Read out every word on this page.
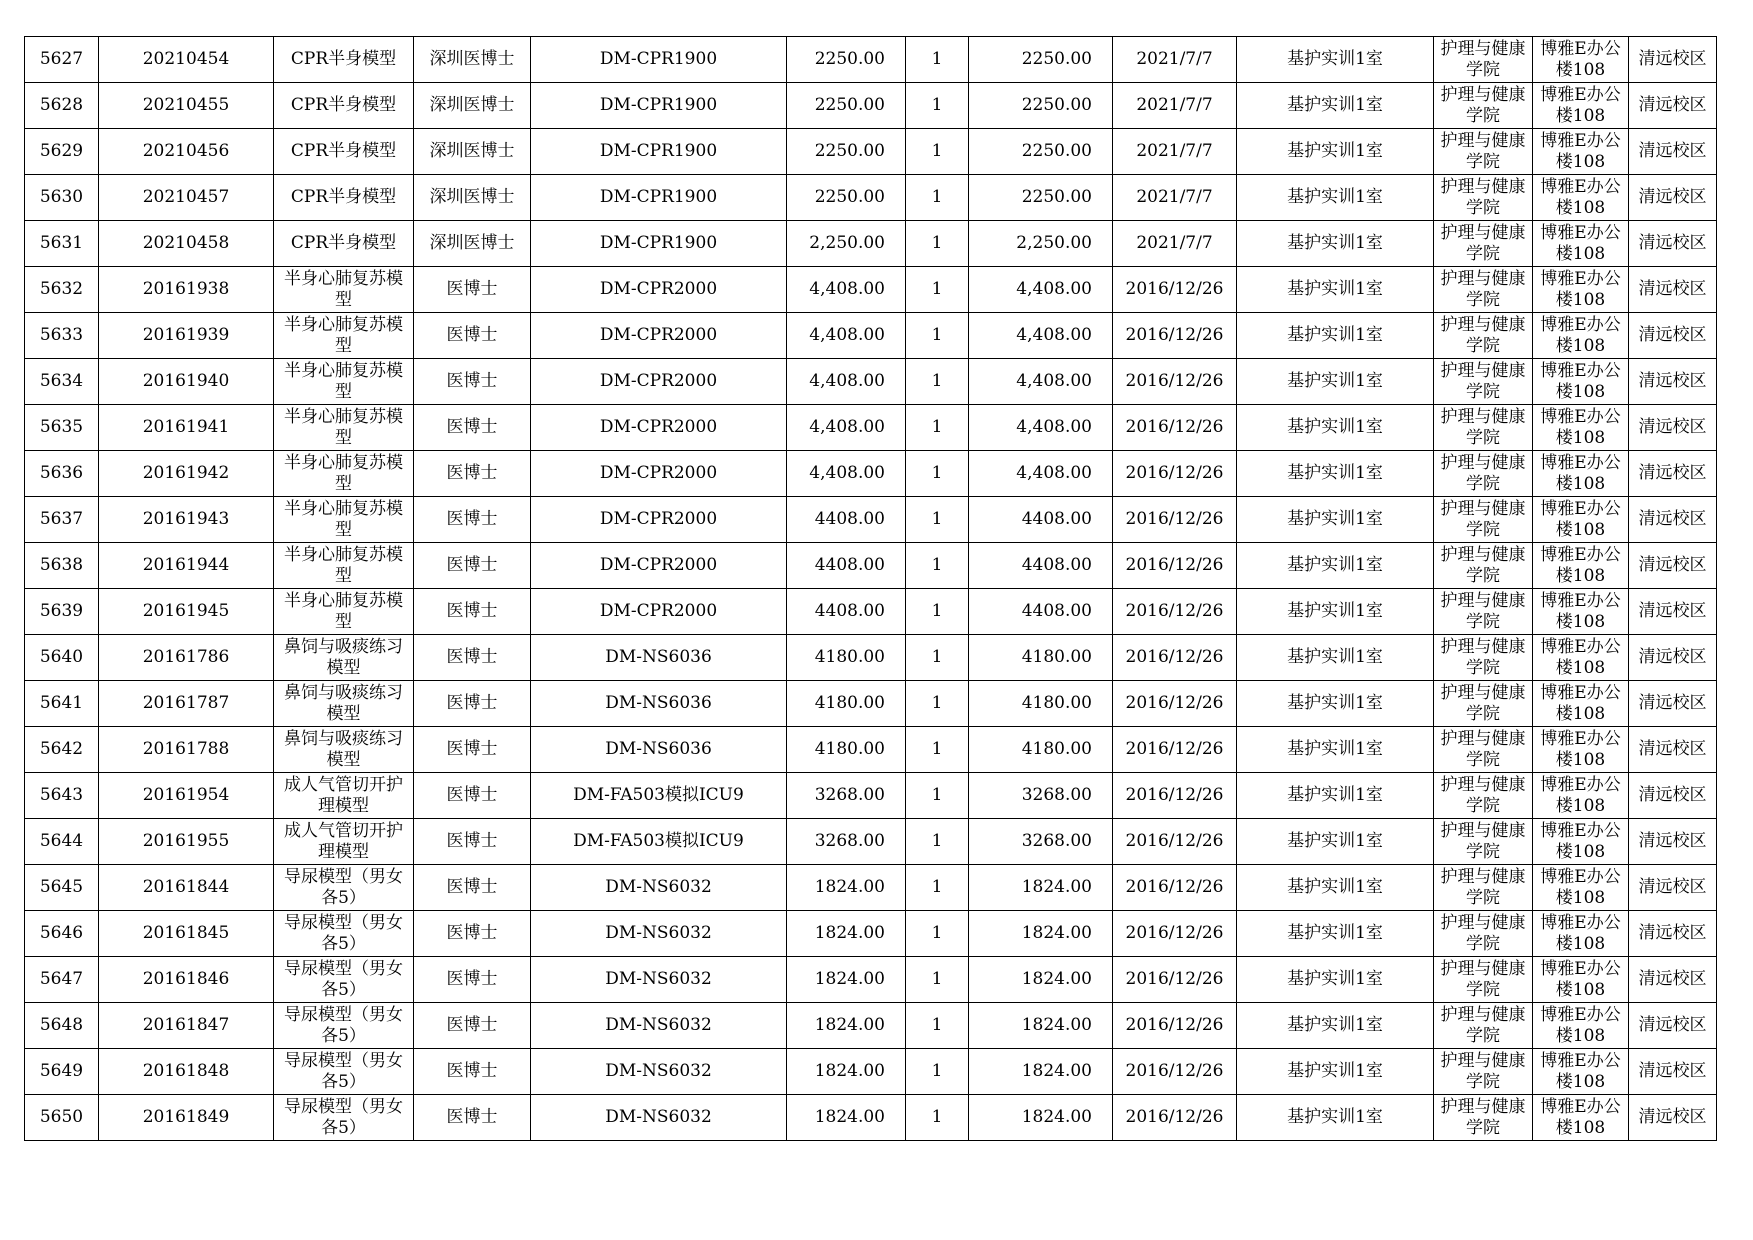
5627	20210454	CPR半身模型	深圳医博士	DM-CPR1900	2250.00	1	2250.00	2021/7/7	基护实训1室	护理与健康学院	博雅E办公楼108	清远校区
5628	20210455	CPR半身模型	深圳医博士	DM-CPR1900	2250.00	1	2250.00	2021/7/7	基护实训1室	护理与健康学院	博雅E办公楼108	清远校区
5629	20210456	CPR半身模型	深圳医博士	DM-CPR1900	2250.00	1	2250.00	2021/7/7	基护实训1室	护理与健康学院	博雅E办公楼108	清远校区
5630	20210457	CPR半身模型	深圳医博士	DM-CPR1900	2250.00	1	2250.00	2021/7/7	基护实训1室	护理与健康学院	博雅E办公楼108	清远校区
5631	20210458	CPR半身模型	深圳医博士	DM-CPR1900	2,250.00	1	2,250.00	2021/7/7	基护实训1室	护理与健康学院	博雅E办公楼108	清远校区
5632	20161938	半身心肺复苏模型	医博士	DM-CPR2000	4,408.00	1	4,408.00	2016/12/26	基护实训1室	护理与健康学院	博雅E办公楼108	清远校区
5633	20161939	半身心肺复苏模型	医博士	DM-CPR2000	4,408.00	1	4,408.00	2016/12/26	基护实训1室	护理与健康学院	博雅E办公楼108	清远校区
5634	20161940	半身心肺复苏模型	医博士	DM-CPR2000	4,408.00	1	4,408.00	2016/12/26	基护实训1室	护理与健康学院	博雅E办公楼108	清远校区
5635	20161941	半身心肺复苏模型	医博士	DM-CPR2000	4,408.00	1	4,408.00	2016/12/26	基护实训1室	护理与健康学院	博雅E办公楼108	清远校区
5636	20161942	半身心肺复苏模型	医博士	DM-CPR2000	4,408.00	1	4,408.00	2016/12/26	基护实训1室	护理与健康学院	博雅E办公楼108	清远校区
5637	20161943	半身心肺复苏模型	医博士	DM-CPR2000	4408.00	1	4408.00	2016/12/26	基护实训1室	护理与健康学院	博雅E办公楼108	清远校区
5638	20161944	半身心肺复苏模型	医博士	DM-CPR2000	4408.00	1	4408.00	2016/12/26	基护实训1室	护理与健康学院	博雅E办公楼108	清远校区
5639	20161945	半身心肺复苏模型	医博士	DM-CPR2000	4408.00	1	4408.00	2016/12/26	基护实训1室	护理与健康学院	博雅E办公楼108	清远校区
5640	20161786	鼻饲与吸痰练习模型	医博士	DM-NS6036	4180.00	1	4180.00	2016/12/26	基护实训1室	护理与健康学院	博雅E办公楼108	清远校区
5641	20161787	鼻饲与吸痰练习模型	医博士	DM-NS6036	4180.00	1	4180.00	2016/12/26	基护实训1室	护理与健康学院	博雅E办公楼108	清远校区
5642	20161788	鼻饲与吸痰练习模型	医博士	DM-NS6036	4180.00	1	4180.00	2016/12/26	基护实训1室	护理与健康学院	博雅E办公楼108	清远校区
5643	20161954	成人气管切开护理模型	医博士	DM-FA503模拟ICU9	3268.00	1	3268.00	2016/12/26	基护实训1室	护理与健康学院	博雅E办公楼108	清远校区
5644	20161955	成人气管切开护理模型	医博士	DM-FA503模拟ICU9	3268.00	1	3268.00	2016/12/26	基护实训1室	护理与健康学院	博雅E办公楼108	清远校区
5645	20161844	导尿模型（男女各5）	医博士	DM-NS6032	1824.00	1	1824.00	2016/12/26	基护实训1室	护理与健康学院	博雅E办公楼108	清远校区
5646	20161845	导尿模型（男女各5）	医博士	DM-NS6032	1824.00	1	1824.00	2016/12/26	基护实训1室	护理与健康学院	博雅E办公楼108	清远校区
5647	20161846	导尿模型（男女各5）	医博士	DM-NS6032	1824.00	1	1824.00	2016/12/26	基护实训1室	护理与健康学院	博雅E办公楼108	清远校区
5648	20161847	导尿模型（男女各5）	医博士	DM-NS6032	1824.00	1	1824.00	2016/12/26	基护实训1室	护理与健康学院	博雅E办公楼108	清远校区
5649	20161848	导尿模型（男女各5）	医博士	DM-NS6032	1824.00	1	1824.00	2016/12/26	基护实训1室	护理与健康学院	博雅E办公楼108	清远校区
5650	20161849	导尿模型（男女各5）	医博士	DM-NS6032	1824.00	1	1824.00	2016/12/26	基护实训1室	护理与健康学院	博雅E办公楼108	清远校区
